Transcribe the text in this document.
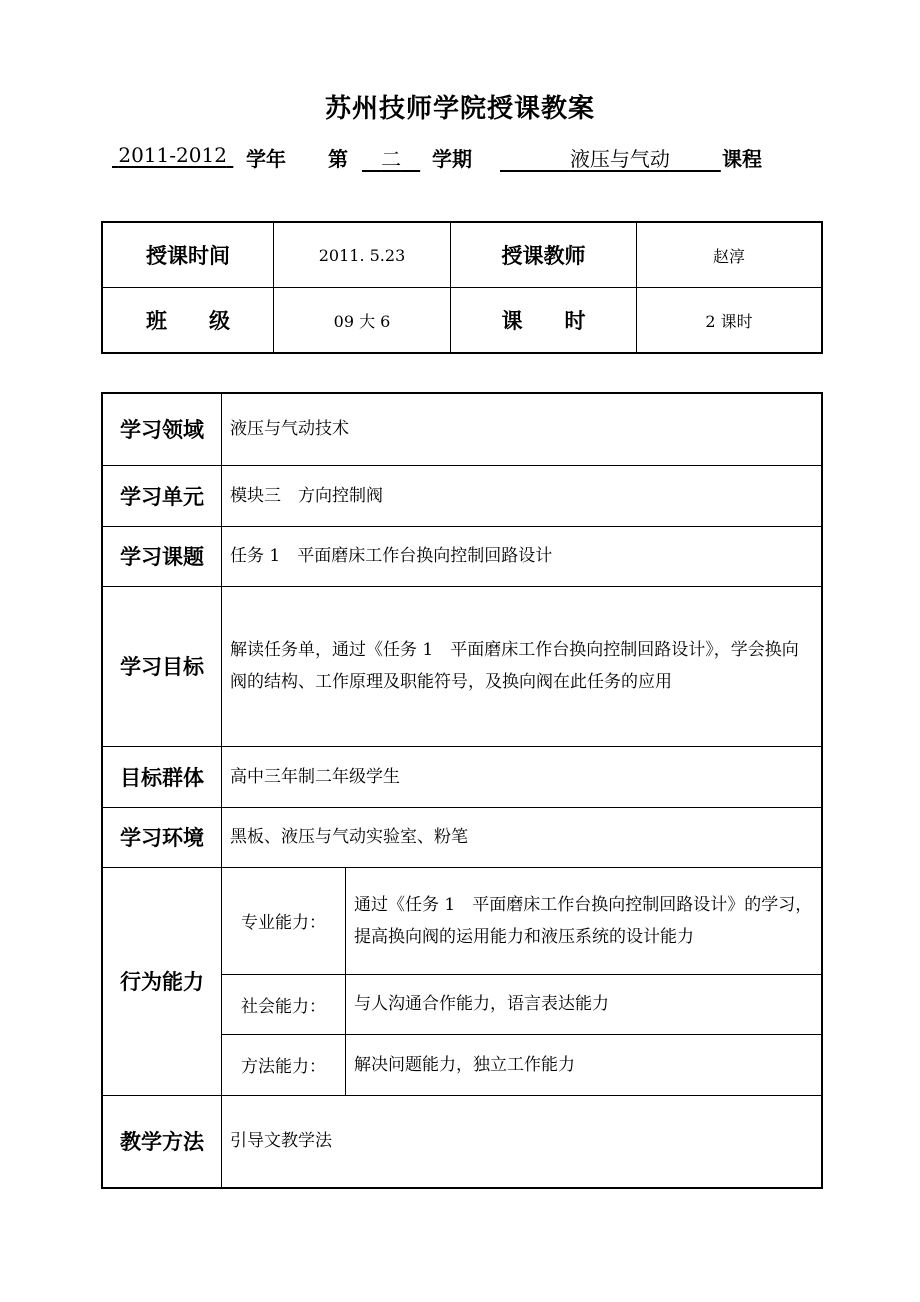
苏州技师学院授课教案
2011-2012 学年 第	二	学期	液压与气动	课程
授课时间	2011. 5.23	授课教师	赵淳
班　　级	09 大 6	课　　时	2 课时
学习领域	液压与气动技术	
学习单元	模块三　方向控制阀	
学习课题	任务 1　平面磨床工作台换向控制回路设计	
学习目标	解读任务单，通过《任务 1　平面磨床工作台换向控制回路设计》，学会换向阀的结构、工作原理及职能符号，及换向阀在此任务的应用	
目标群体	高中三年制二年级学生	
学习环境	黑板、液压与气动实验室、粉笔	
行为能力	专业能力：	通过《任务 1　平面磨床工作台换向控制回路设计》的学习，提高换向阀的运用能力和液压系统的设计能力
	社会能力：	与人沟通合作能力，语言表达能力
	方法能力：	解决问题能力，独立工作能力
教学方法	引导文教学法	
